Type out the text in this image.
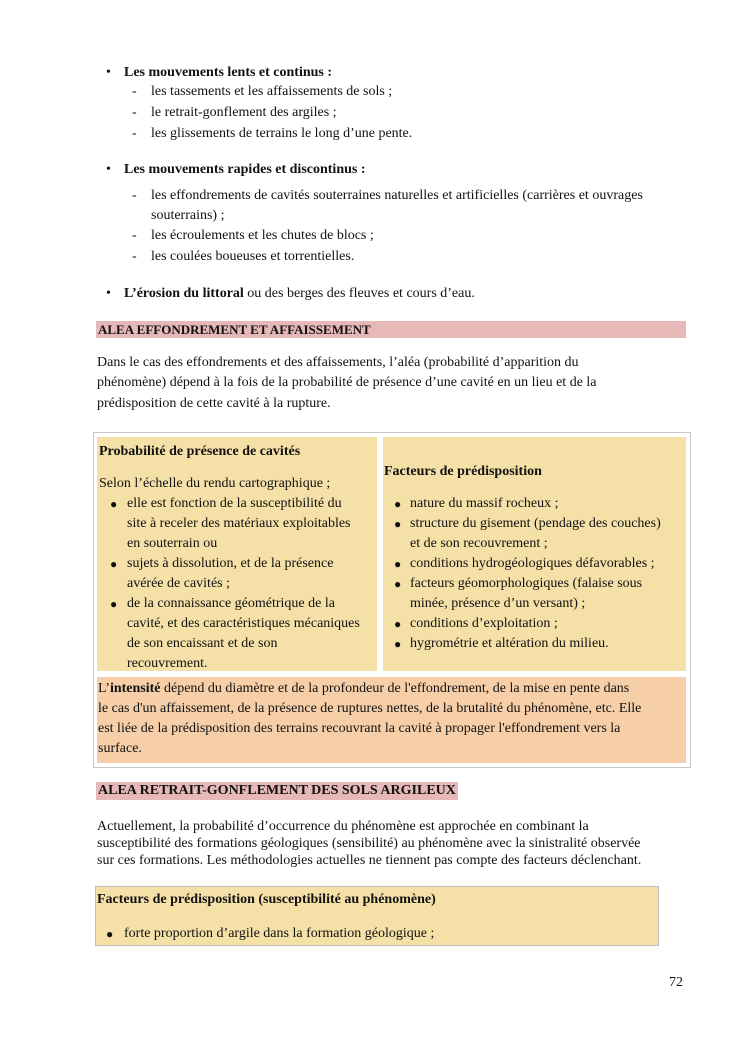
• Les mouvements lents et continus :
- les tassements et les affaissements de sols ;
- le retrait-gonflement des argiles ;
- les glissements de terrains le long d’une pente.
• Les mouvements rapides et discontinus :
- les effondrements de cavités souterraines naturelles et artificielles (carrières et ouvrages
souterrains) ;
- les écroulements et les chutes de blocs ;
- les coulées boueuses et torrentielles.
• L’érosion du littoral ou des berges des fleuves et cours d’eau.
ALEA EFFONDREMENT ET AFFAISSEMENT
Dans le cas des effondrements et des affaissements, l’aléa (probabilité d’apparition du
phénomène) dépend à la fois de la probabilité de présence d’une cavité en un lieu et de la
prédisposition de cette cavité à la rupture.
Probabilité de présence de cavités
Selon l’échelle du rendu cartographique ;
● elle est fonction de la susceptibilité du
site à receler des matériaux exploitables
en souterrain ou
● sujets à dissolution, et de la présence
avérée de cavités ;
● de la connaissance géométrique de la
cavité, et des caractéristiques mécaniques
de son encaissant et de son
recouvrement.
Facteurs de prédisposition
● nature du massif rocheux ;
● structure du gisement (pendage des couches)
et de son recouvrement ;
● conditions hydrogéologiques défavorables ;
● facteurs géomorphologiques (falaise sous
minée, présence d’un versant) ;
● conditions d’exploitation ;
● hygrométrie et altération du milieu.
L’intensité dépend du diamètre et de la profondeur de l'effondrement, de la mise en pente dans
le cas d'un affaissement, de la présence de ruptures nettes, de la brutalité du phénomène, etc. Elle
est liée de la prédisposition des terrains recouvrant la cavité à propager l'effondrement vers la
surface.
ALEA RETRAIT-GONFLEMENT DES SOLS ARGILEUX
Actuellement, la probabilité d’occurrence du phénomène est approchée en combinant la
susceptibilité des formations géologiques (sensibilité) au phénomène avec la sinistralité observée
sur ces formations. Les méthodologies actuelles ne tiennent pas compte des facteurs déclenchant.
Facteurs de prédisposition (susceptibilité au phénomène)
● forte proportion d’argile dans la formation géologique ;
72
